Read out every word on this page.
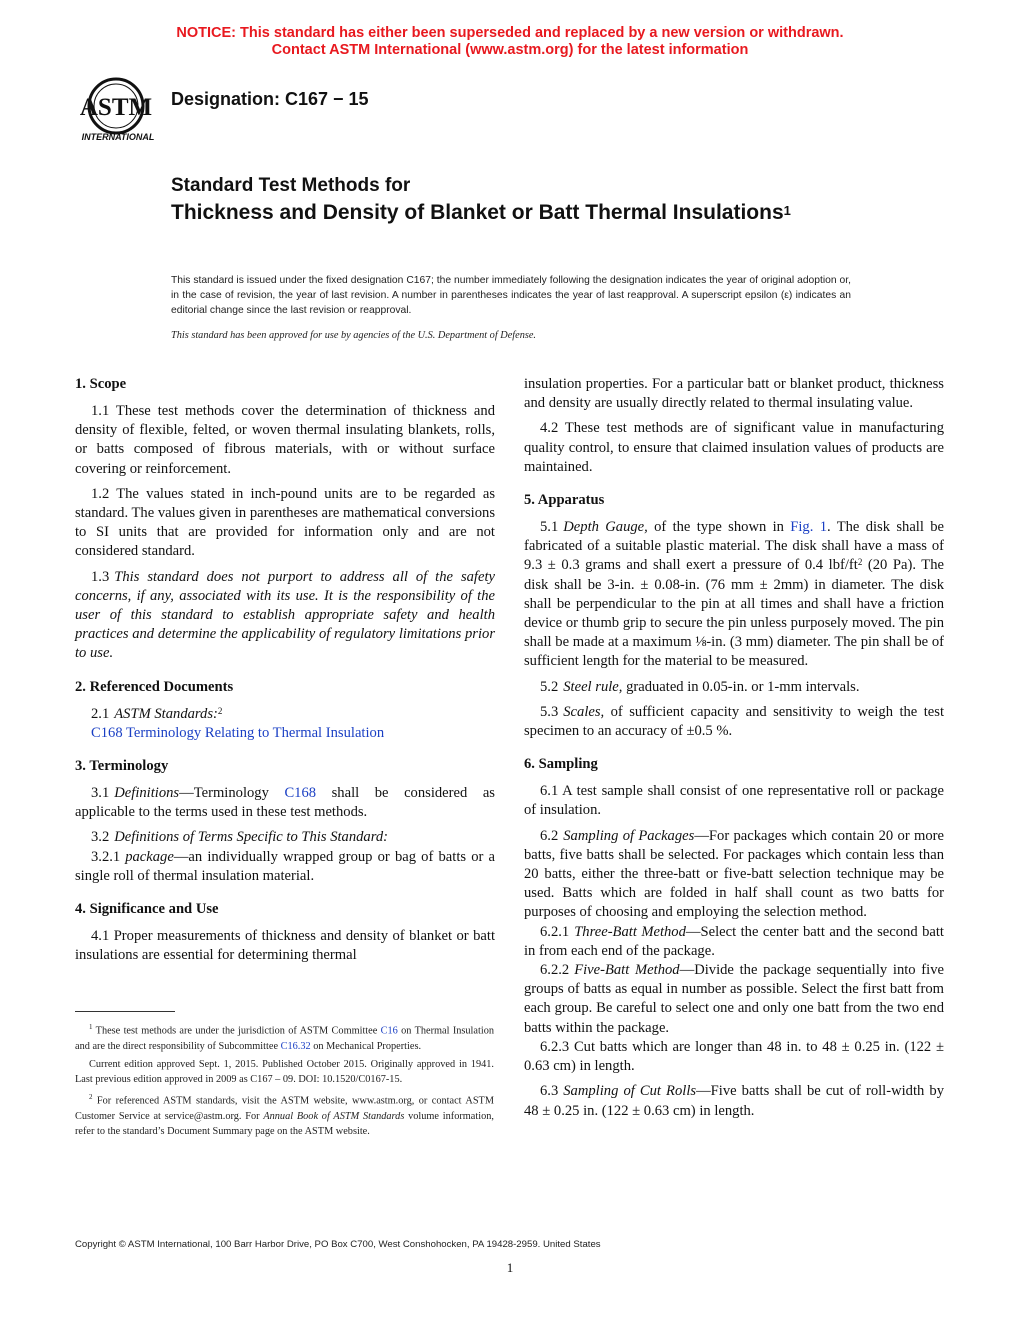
NOTICE: This standard has either been superseded and replaced by a new version or withdrawn.
Contact ASTM International (www.astm.org) for the latest information
ASTM
INTERNATIONAL
Designation: C167 − 15
Standard Test Methods for
Thickness and Density of Blanket or Batt Thermal Insulations$^1$
This standard is issued under the fixed designation C167; the number immediately following the designation indicates the year of original adoption or, in the case of revision, the year of last revision. A number in parentheses indicates the year of last reapproval. A superscript epsilon (ε) indicates an editorial change since the last revision or reapproval.
This standard has been approved for use by agencies of the U.S. Department of Defense.
1. Scope

1.1 These test methods cover the determination of thickness and density of flexible, felted, or woven thermal insulating blankets, rolls, or batts composed of fibrous materials, with or without surface covering or reinforcement.

1.2 The values stated in inch-pound units are to be regarded as standard. The values given in parentheses are mathematical conversions to SI units that are provided for information only and are not considered standard.

1.3 This standard does not purport to address all of the safety concerns, if any, associated with its use. It is the responsibility of the user of this standard to establish appropriate safety and health practices and determine the applicability of regulatory limitations prior to use.

2. Referenced Documents

2.1 ASTM Standards:$^2$

C168 Terminology Relating to Thermal Insulation

3. Terminology

3.1 Definitions—Terminology C168 shall be considered as applicable to the terms used in these test methods.

3.2 Definitions of Terms Specific to This Standard:

3.2.1 package—an individually wrapped group or bag of batts or a single roll of thermal insulation material.

4. Significance and Use

4.1 Proper measurements of thickness and density of blanket or batt insulations are essential for determining thermal

insulation properties. For a particular batt or blanket product, thickness and density are usually directly related to thermal insulating value.

4.2 These test methods are of significant value in manufacturing quality control, to ensure that claimed insulation values of products are maintained.

5. Apparatus

5.1 Depth Gauge, of the type shown in Fig. 1. The disk shall be fabricated of a suitable plastic material. The disk shall have a mass of 9.3 ± 0.3 grams and shall exert a pressure of 0.4 lbf/ft$^2$ (20 Pa). The disk shall be 3-in. ± 0.08-in. (76 mm ± 2mm) in diameter. The disk shall be perpendicular to the pin at all times and shall have a friction device or thumb grip to secure the pin unless purposely moved. The pin shall be made at a maximum ⅛-in. (3 mm) diameter. The pin shall be of sufficient length for the material to be measured.

5.2 Steel rule, graduated in 0.05-in. or 1-mm intervals.

5.3 Scales, of sufficient capacity and sensitivity to weigh the test specimen to an accuracy of ±0.5 %.

6. Sampling

6.1 A test sample shall consist of one representative roll or package of insulation.

6.2 Sampling of Packages—For packages which contain 20 or more batts, five batts shall be selected. For packages which contain less than 20 batts, either the three-batt or five-batt selection technique may be used. Batts which are folded in half shall count as two batts for purposes of choosing and employing the selection method.

6.2.1 Three-Batt Method—Select the center batt and the second batt in from each end of the package.

6.2.2 Five-Batt Method—Divide the package sequentially into five groups of batts as equal in number as possible. Select the first batt from each group. Be careful to select one and only one batt from the two end batts within the package.

6.2.3 Cut batts which are longer than 48 in. to 48 ± 0.25 in. (122 ± 0.63 cm) in length.

6.3 Sampling of Cut Rolls—Five batts shall be cut of roll-width by 48 ± 0.25 in. (122 ± 0.63 cm) in length.

$^1$ These test methods are under the jurisdiction of ASTM Committee C16 on Thermal Insulation and are the direct responsibility of Subcommittee C16.32 on Mechanical Properties.

Current edition approved Sept. 1, 2015. Published October 2015. Originally approved in 1941. Last previous edition approved in 2009 as C167 – 09. DOI: 10.1520/C0167-15.

$^2$ For referenced ASTM standards, visit the ASTM website, www.astm.org, or contact ASTM Customer Service at service@astm.org. For Annual Book of ASTM Standards volume information, refer to the standard’s Document Summary page on the ASTM website.

Copyright © ASTM International, 100 Barr Harbor Drive, PO Box C700, West Conshohocken, PA 19428-2959. United States
1
